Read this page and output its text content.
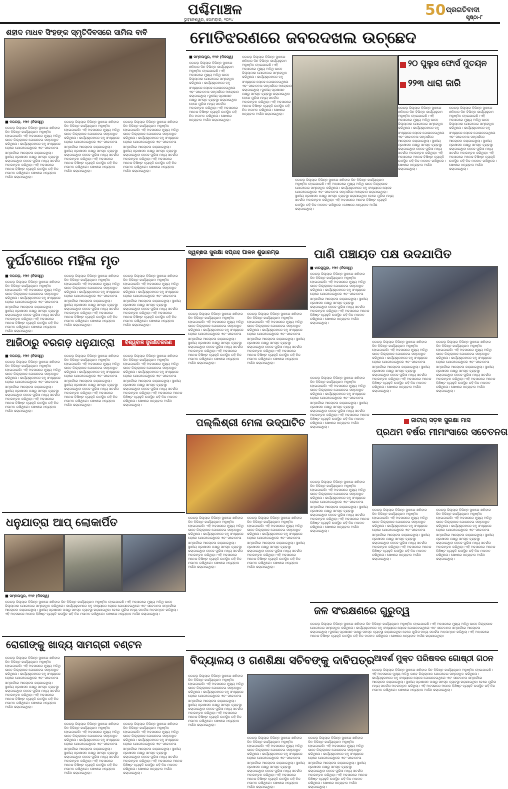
ପଶ୍ଚିମାଞ୍ଚଳ
ଭୁବନେଶ୍ୱର, ସୋମବାର, ୨୦୨୪
50 ପ୍ରଗତିବାଦୀ
ପୃଷ୍ଠା-୮
ଶହୀଦ ମାଧବ ସିଂହଙ୍କ ସ୍ମୃତିଦିବସରେ ସାମିଲ ବାବି
■ ବରଗଡ଼, ୧୨ା୧ (ନିଜସ୍ୱ)
ବରଗଡ଼ ଜିଲ୍ଲାର ବିଭିନ୍ନ ସ୍ଥାନରେ ଶନିବାର ଦିନ ବିଭିନ୍ନ କାର୍ଯ୍ୟକ୍ରମ ଅନୁଷ୍ଠିତ ହୋଇଯାଇଛି। ଏହି ଅବସରରେ ମୁଖ୍ୟ ଅତିଥି ଭାବେ ଜିଲ୍ଲାପାଳ ଯୋଗଦେଇ ସମ୍ବୋଧିତ କରିଥିଲେ। କାର୍ଯ୍ୟକ୍ରମରେ ବହୁ ସଂଖ୍ୟାରେ ଲୋକେ ଯୋଗଦେଇଥିଲେ ଏବଂ ସଚେତନତା ସମ୍ପର୍କରେ ଆଲୋଚନା କରାଯାଇଥିଲା। ସ୍ଥାନୀୟ ପ୍ରଶାସନ ପକ୍ଷରୁ ସମସ୍ତ ବ୍ୟବସ୍ଥା କରାଯାଇଥିବା ବେଳେ ପୁଲିସ ମଧ୍ୟ ସତର୍କତା ଅବଲମ୍ବନ କରିଥିଲା। ଏହି ଅବସରରେ ଅନେକ ବିଶିଷ୍ଟ ବ୍ୟକ୍ତି ଉପସ୍ଥିତ ରହି ନିଜ ମତାମତ ରଖିଥିଲେ। ଶେଷରେ ଧନ୍ୟବାଦ ଅର୍ପଣ କରାଯାଇଥିଲା।
ବରଗଡ଼ ଜିଲ୍ଲାର ବିଭିନ୍ନ ସ୍ଥାନରେ ଶନିବାର ଦିନ ବିଭିନ୍ନ କାର୍ଯ୍ୟକ୍ରମ ଅନୁଷ୍ଠିତ ହୋଇଯାଇଛି। ଏହି ଅବସରରେ ମୁଖ୍ୟ ଅତିଥି ଭାବେ ଜିଲ୍ଲାପାଳ ଯୋଗଦେଇ ସମ୍ବୋଧିତ କରିଥିଲେ। କାର୍ଯ୍ୟକ୍ରମରେ ବହୁ ସଂଖ୍ୟାରେ ଲୋକେ ଯୋଗଦେଇଥିଲେ ଏବଂ ସଚେତନତା ସମ୍ପର୍କରେ ଆଲୋଚନା କରାଯାଇଥିଲା। ସ୍ଥାନୀୟ ପ୍ରଶାସନ ପକ୍ଷରୁ ସମସ୍ତ ବ୍ୟବସ୍ଥା କରାଯାଇଥିବା ବେଳେ ପୁଲିସ ମଧ୍ୟ ସତର୍କତା ଅବଲମ୍ବନ କରିଥିଲା। ଏହି ଅବସରରେ ଅନେକ ବିଶିଷ୍ଟ ବ୍ୟକ୍ତି ଉପସ୍ଥିତ ରହି ନିଜ ମତାମତ ରଖିଥିଲେ। ଶେଷରେ ଧନ୍ୟବାଦ ଅର୍ପଣ କରାଯାଇଥିଲା।
ବରଗଡ଼ ଜିଲ୍ଲାର ବିଭିନ୍ନ ସ୍ଥାନରେ ଶନିବାର ଦିନ ବିଭିନ୍ନ କାର୍ଯ୍ୟକ୍ରମ ଅନୁଷ୍ଠିତ ହୋଇଯାଇଛି। ଏହି ଅବସରରେ ମୁଖ୍ୟ ଅତିଥି ଭାବେ ଜିଲ୍ଲାପାଳ ଯୋଗଦେଇ ସମ୍ବୋଧିତ କରିଥିଲେ। କାର୍ଯ୍ୟକ୍ରମରେ ବହୁ ସଂଖ୍ୟାରେ ଲୋକେ ଯୋଗଦେଇଥିଲେ ଏବଂ ସଚେତନତା ସମ୍ପର୍କରେ ଆଲୋଚନା କରାଯାଇଥିଲା। ସ୍ଥାନୀୟ ପ୍ରଶାସନ ପକ୍ଷରୁ ସମସ୍ତ ବ୍ୟବସ୍ଥା କରାଯାଇଥିବା ବେଳେ ପୁଲିସ ମଧ୍ୟ ସତର୍କତା ଅବଲମ୍ବନ କରିଥିଲା। ଏହି ଅବସରରେ ଅନେକ ବିଶିଷ୍ଟ ବ୍ୟକ୍ତି ଉପସ୍ଥିତ ରହି ନିଜ ମତାମତ ରଖିଥିଲେ। ଶେଷରେ ଧନ୍ୟବାଦ ଅର୍ପଣ କରାଯାଇଥିଲା।
ମୋତିଝରଣରେ ଜବରଦଖଲ ଉଚ୍ଛେଦ
■ ସମ୍ବଲପୁର, ୧୨ା୧ (ନିଜସ୍ୱ)
ବରଗଡ଼ ଜିଲ୍ଲାର ବିଭିନ୍ନ ସ୍ଥାନରେ ଶନିବାର ଦିନ ବିଭିନ୍ନ କାର୍ଯ୍ୟକ୍ରମ ଅନୁଷ୍ଠିତ ହୋଇଯାଇଛି। ଏହି ଅବସରରେ ମୁଖ୍ୟ ଅତିଥି ଭାବେ ଜିଲ୍ଲାପାଳ ଯୋଗଦେଇ ସମ୍ବୋଧିତ କରିଥିଲେ। କାର୍ଯ୍ୟକ୍ରମରେ ବହୁ ସଂଖ୍ୟାରେ ଲୋକେ ଯୋଗଦେଇଥିଲେ ଏବଂ ସଚେତନତା ସମ୍ପର୍କରେ ଆଲୋଚନା କରାଯାଇଥିଲା। ସ୍ଥାନୀୟ ପ୍ରଶାସନ ପକ୍ଷରୁ ସମସ୍ତ ବ୍ୟବସ୍ଥା କରାଯାଇଥିବା ବେଳେ ପୁଲିସ ମଧ୍ୟ ସତର୍କତା ଅବଲମ୍ବନ କରିଥିଲା। ଏହି ଅବସରରେ ଅନେକ ବିଶିଷ୍ଟ ବ୍ୟକ୍ତି ଉପସ୍ଥିତ ରହି ନିଜ ମତାମତ ରଖିଥିଲେ। ଶେଷରେ ଧନ୍ୟବାଦ ଅର୍ପଣ କରାଯାଇଥିଲା।
ବରଗଡ଼ ଜିଲ୍ଲାର ବିଭିନ୍ନ ସ୍ଥାନରେ ଶନିବାର ଦିନ ବିଭିନ୍ନ କାର୍ଯ୍ୟକ୍ରମ ଅନୁଷ୍ଠିତ ହୋଇଯାଇଛି। ଏହି ଅବସରରେ ମୁଖ୍ୟ ଅତିଥି ଭାବେ ଜିଲ୍ଲାପାଳ ଯୋଗଦେଇ ସମ୍ବୋଧିତ କରିଥିଲେ। କାର୍ଯ୍ୟକ୍ରମରେ ବହୁ ସଂଖ୍ୟାରେ ଲୋକେ ଯୋଗଦେଇଥିଲେ ଏବଂ ସଚେତନତା ସମ୍ପର୍କରେ ଆଲୋଚନା କରାଯାଇଥିଲା। ସ୍ଥାନୀୟ ପ୍ରଶାସନ ପକ୍ଷରୁ ସମସ୍ତ ବ୍ୟବସ୍ଥା କରାଯାଇଥିବା ବେଳେ ପୁଲିସ ମଧ୍ୟ ସତର୍କତା ଅବଲମ୍ବନ କରିଥିଲା। ଏହି ଅବସରରେ ଅନେକ ବିଶିଷ୍ଟ ବ୍ୟକ୍ତି ଉପସ୍ଥିତ ରହି ନିଜ ମତାମତ ରଖିଥିଲେ। ଶେଷରେ ଧନ୍ୟବାଦ ଅର୍ପଣ କରାଯାଇଥିଲା।
୨୦ ପୁଲୁସ ଫୋର୍ସ ମୁତୟନ
୨୨୩ ଧାରା ଜାରି
ବରଗଡ଼ ଜିଲ୍ଲାର ବିଭିନ୍ନ ସ୍ଥାନରେ ଶନିବାର ଦିନ ବିଭିନ୍ନ କାର୍ଯ୍ୟକ୍ରମ ଅନୁଷ୍ଠିତ ହୋଇଯାଇଛି। ଏହି ଅବସରରେ ମୁଖ୍ୟ ଅତିଥି ଭାବେ ଜିଲ୍ଲାପାଳ ଯୋଗଦେଇ ସମ୍ବୋଧିତ କରିଥିଲେ। କାର୍ଯ୍ୟକ୍ରମରେ ବହୁ ସଂଖ୍ୟାରେ ଲୋକେ ଯୋଗଦେଇଥିଲେ ଏବଂ ସଚେତନତା ସମ୍ପର୍କରେ ଆଲୋଚନା କରାଯାଇଥିଲା। ସ୍ଥାନୀୟ ପ୍ରଶାସନ ପକ୍ଷରୁ ସମସ୍ତ ବ୍ୟବସ୍ଥା କରାଯାଇଥିବା ବେଳେ ପୁଲିସ ମଧ୍ୟ ସତର୍କତା ଅବଲମ୍ବନ କରିଥିଲା। ଏହି ଅବସରରେ ଅନେକ ବିଶିଷ୍ଟ ବ୍ୟକ୍ତି ଉପସ୍ଥିତ ରହି ନିଜ ମତାମତ ରଖିଥିଲେ। ଶେଷରେ ଧନ୍ୟବାଦ ଅର୍ପଣ କରାଯାଇଥିଲା।
ବରଗଡ଼ ଜିଲ୍ଲାର ବିଭିନ୍ନ ସ୍ଥାନରେ ଶନିବାର ଦିନ ବିଭିନ୍ନ କାର୍ଯ୍ୟକ୍ରମ ଅନୁଷ୍ଠିତ ହୋଇଯାଇଛି। ଏହି ଅବସରରେ ମୁଖ୍ୟ ଅତିଥି ଭାବେ ଜିଲ୍ଲାପାଳ ଯୋଗଦେଇ ସମ୍ବୋଧିତ କରିଥିଲେ। କାର୍ଯ୍ୟକ୍ରମରେ ବହୁ ସଂଖ୍ୟାରେ ଲୋକେ ଯୋଗଦେଇଥିଲେ ଏବଂ ସଚେତନତା ସମ୍ପର୍କରେ ଆଲୋଚନା କରାଯାଇଥିଲା। ସ୍ଥାନୀୟ ପ୍ରଶାସନ ପକ୍ଷରୁ ସମସ୍ତ ବ୍ୟବସ୍ଥା କରାଯାଇଥିବା ବେଳେ ପୁଲିସ ମଧ୍ୟ ସତର୍କତା ଅବଲମ୍ବନ କରିଥିଲା। ଏହି ଅବସରରେ ଅନେକ ବିଶିଷ୍ଟ ବ୍ୟକ୍ତି ଉପସ୍ଥିତ ରହି ନିଜ ମତାମତ ରଖିଥିଲେ। ଶେଷରେ ଧନ୍ୟବାଦ ଅର୍ପଣ କରାଯାଇଥିଲା।
ବରଗଡ଼ ଜିଲ୍ଲାର ବିଭିନ୍ନ ସ୍ଥାନରେ ଶନିବାର ଦିନ ବିଭିନ୍ନ କାର୍ଯ୍ୟକ୍ରମ ଅନୁଷ୍ଠିତ ହୋଇଯାଇଛି। ଏହି ଅବସରରେ ମୁଖ୍ୟ ଅତିଥି ଭାବେ ଜିଲ୍ଲାପାଳ ଯୋଗଦେଇ ସମ୍ବୋଧିତ କରିଥିଲେ। କାର୍ଯ୍ୟକ୍ରମରେ ବହୁ ସଂଖ୍ୟାରେ ଲୋକେ ଯୋଗଦେଇଥିଲେ ଏବଂ ସଚେତନତା ସମ୍ପର୍କରେ ଆଲୋଚନା କରାଯାଇଥିଲା। ସ୍ଥାନୀୟ ପ୍ରଶାସନ ପକ୍ଷରୁ ସମସ୍ତ ବ୍ୟବସ୍ଥା କରାଯାଇଥିବା ବେଳେ ପୁଲିସ ମଧ୍ୟ ସତର୍କତା ଅବଲମ୍ବନ କରିଥିଲା। ଏହି ଅବସରରେ ଅନେକ ବିଶିଷ୍ଟ ବ୍ୟକ୍ତି ଉପସ୍ଥିତ ରହି ନିଜ ମତାମତ ରଖିଥିଲେ। ଶେଷରେ ଧନ୍ୟବାଦ ଅର୍ପଣ କରାଯାଇଥିଲା।
ଦୁର୍ଘଟଣାରେ ମହିଳା ମୃତ
■ ବରଗଡ଼, ୧୨ା୧ (ନିଜସ୍ୱ)
ବରଗଡ଼ ଜିଲ୍ଲାର ବିଭିନ୍ନ ସ୍ଥାନରେ ଶନିବାର ଦିନ ବିଭିନ୍ନ କାର୍ଯ୍ୟକ୍ରମ ଅନୁଷ୍ଠିତ ହୋଇଯାଇଛି। ଏହି ଅବସରରେ ମୁଖ୍ୟ ଅତିଥି ଭାବେ ଜିଲ୍ଲାପାଳ ଯୋଗଦେଇ ସମ୍ବୋଧିତ କରିଥିଲେ। କାର୍ଯ୍ୟକ୍ରମରେ ବହୁ ସଂଖ୍ୟାରେ ଲୋକେ ଯୋଗଦେଇଥିଲେ ଏବଂ ସଚେତନତା ସମ୍ପର୍କରେ ଆଲୋଚନା କରାଯାଇଥିଲା। ସ୍ଥାନୀୟ ପ୍ରଶାସନ ପକ୍ଷରୁ ସମସ୍ତ ବ୍ୟବସ୍ଥା କରାଯାଇଥିବା ବେଳେ ପୁଲିସ ମଧ୍ୟ ସତର୍କତା ଅବଲମ୍ବନ କରିଥିଲା। ଏହି ଅବସରରେ ଅନେକ ବିଶିଷ୍ଟ ବ୍ୟକ୍ତି ଉପସ୍ଥିତ ରହି ନିଜ ମତାମତ ରଖିଥିଲେ। ଶେଷରେ ଧନ୍ୟବାଦ ଅର୍ପଣ କରାଯାଇଥିଲା।
ବରଗଡ଼ ଜିଲ୍ଲାର ବିଭିନ୍ନ ସ୍ଥାନରେ ଶନିବାର ଦିନ ବିଭିନ୍ନ କାର୍ଯ୍ୟକ୍ରମ ଅନୁଷ୍ଠିତ ହୋଇଯାଇଛି। ଏହି ଅବସରରେ ମୁଖ୍ୟ ଅତିଥି ଭାବେ ଜିଲ୍ଲାପାଳ ଯୋଗଦେଇ ସମ୍ବୋଧିତ କରିଥିଲେ। କାର୍ଯ୍ୟକ୍ରମରେ ବହୁ ସଂଖ୍ୟାରେ ଲୋକେ ଯୋଗଦେଇଥିଲେ ଏବଂ ସଚେତନତା ସମ୍ପର୍କରେ ଆଲୋଚନା କରାଯାଇଥିଲା। ସ୍ଥାନୀୟ ପ୍ରଶାସନ ପକ୍ଷରୁ ସମସ୍ତ ବ୍ୟବସ୍ଥା କରାଯାଇଥିବା ବେଳେ ପୁଲିସ ମଧ୍ୟ ସତର୍କତା ଅବଲମ୍ବନ କରିଥିଲା। ଏହି ଅବସରରେ ଅନେକ ବିଶିଷ୍ଟ ବ୍ୟକ୍ତି ଉପସ୍ଥିତ ରହି ନିଜ ମତାମତ ରଖିଥିଲେ। ଶେଷରେ ଧନ୍ୟବାଦ ଅର୍ପଣ କରାଯାଇଥିଲା।
ବରଗଡ଼ ଜିଲ୍ଲାର ବିଭିନ୍ନ ସ୍ଥାନରେ ଶନିବାର ଦିନ ବିଭିନ୍ନ କାର୍ଯ୍ୟକ୍ରମ ଅନୁଷ୍ଠିତ ହୋଇଯାଇଛି। ଏହି ଅବସରରେ ମୁଖ୍ୟ ଅତିଥି ଭାବେ ଜିଲ୍ଲାପାଳ ଯୋଗଦେଇ ସମ୍ବୋଧିତ କରିଥିଲେ। କାର୍ଯ୍ୟକ୍ରମରେ ବହୁ ସଂଖ୍ୟାରେ ଲୋକେ ଯୋଗଦେଇଥିଲେ ଏବଂ ସଚେତନତା ସମ୍ପର୍କରେ ଆଲୋଚନା କରାଯାଇଥିଲା। ସ୍ଥାନୀୟ ପ୍ରଶାସନ ପକ୍ଷରୁ ସମସ୍ତ ବ୍ୟବସ୍ଥା କରାଯାଇଥିବା ବେଳେ ପୁଲିସ ମଧ୍ୟ ସତର୍କତା ଅବଲମ୍ବନ କରିଥିଲା। ଏହି ଅବସରରେ ଅନେକ ବିଶିଷ୍ଟ ବ୍ୟକ୍ତି ଉପସ୍ଥିତ ରହି ନିଜ ମତାମତ ରଖିଥିଲେ। ଶେଷରେ ଧନ୍ୟବାଦ ଅର୍ପଣ କରାଯାଇଥିଲା।
ସ୍ୱଚ୍ଛତା ସୁରକ୍ଷା ସପ୍ତାହ ପାଳନ ଶୁଭାରମ୍ଭ
ବରଗଡ଼ ଜିଲ୍ଲାର ବିଭିନ୍ନ ସ୍ଥାନରେ ଶନିବାର ଦିନ ବିଭିନ୍ନ କାର୍ଯ୍ୟକ୍ରମ ଅନୁଷ୍ଠିତ ହୋଇଯାଇଛି। ଏହି ଅବସରରେ ମୁଖ୍ୟ ଅତିଥି ଭାବେ ଜିଲ୍ଲାପାଳ ଯୋଗଦେଇ ସମ୍ବୋଧିତ କରିଥିଲେ। କାର୍ଯ୍ୟକ୍ରମରେ ବହୁ ସଂଖ୍ୟାରେ ଲୋକେ ଯୋଗଦେଇଥିଲେ ଏବଂ ସଚେତନତା ସମ୍ପର୍କରେ ଆଲୋଚନା କରାଯାଇଥିଲା। ସ୍ଥାନୀୟ ପ୍ରଶାସନ ପକ୍ଷରୁ ସମସ୍ତ ବ୍ୟବସ୍ଥା କରାଯାଇଥିବା ବେଳେ ପୁଲିସ ମଧ୍ୟ ସତର୍କତା ଅବଲମ୍ବନ କରିଥିଲା। ଏହି ଅବସରରେ ଅନେକ ବିଶିଷ୍ଟ ବ୍ୟକ୍ତି ଉପସ୍ଥିତ ରହି ନିଜ ମତାମତ ରଖିଥିଲେ। ଶେଷରେ ଧନ୍ୟବାଦ ଅର୍ପଣ କରାଯାଇଥିଲା।
ବରଗଡ଼ ଜିଲ୍ଲାର ବିଭିନ୍ନ ସ୍ଥାନରେ ଶନିବାର ଦିନ ବିଭିନ୍ନ କାର୍ଯ୍ୟକ୍ରମ ଅନୁଷ୍ଠିତ ହୋଇଯାଇଛି। ଏହି ଅବସରରେ ମୁଖ୍ୟ ଅତିଥି ଭାବେ ଜିଲ୍ଲାପାଳ ଯୋଗଦେଇ ସମ୍ବୋଧିତ କରିଥିଲେ। କାର୍ଯ୍ୟକ୍ରମରେ ବହୁ ସଂଖ୍ୟାରେ ଲୋକେ ଯୋଗଦେଇଥିଲେ ଏବଂ ସଚେତନତା ସମ୍ପର୍କରେ ଆଲୋଚନା କରାଯାଇଥିଲା। ସ୍ଥାନୀୟ ପ୍ରଶାସନ ପକ୍ଷରୁ ସମସ୍ତ ବ୍ୟବସ୍ଥା କରାଯାଇଥିବା ବେଳେ ପୁଲିସ ମଧ୍ୟ ସତର୍କତା ଅବଲମ୍ବନ କରିଥିଲା। ଏହି ଅବସରରେ ଅନେକ ବିଶିଷ୍ଟ ବ୍ୟକ୍ତି ଉପସ୍ଥିତ ରହି ନିଜ ମତାମତ ରଖିଥିଲେ। ଶେଷରେ ଧନ୍ୟବାଦ ଅର୍ପଣ କରାଯାଇଥିଲା।
ପାଣି ପଞ୍ଚାୟତ ପକ୍ଷ ଉଦଯାପିତ
■ ଝାରସୁଗୁଡ଼ା, ୧୨ା୧ (ନିଜସ୍ୱ)
ବରଗଡ଼ ଜିଲ୍ଲାର ବିଭିନ୍ନ ସ୍ଥାନରେ ଶନିବାର ଦିନ ବିଭିନ୍ନ କାର୍ଯ୍ୟକ୍ରମ ଅନୁଷ୍ଠିତ ହୋଇଯାଇଛି। ଏହି ଅବସରରେ ମୁଖ୍ୟ ଅତିଥି ଭାବେ ଜିଲ୍ଲାପାଳ ଯୋଗଦେଇ ସମ୍ବୋଧିତ କରିଥିଲେ। କାର୍ଯ୍ୟକ୍ରମରେ ବହୁ ସଂଖ୍ୟାରେ ଲୋକେ ଯୋଗଦେଇଥିଲେ ଏବଂ ସଚେତନତା ସମ୍ପର୍କରେ ଆଲୋଚନା କରାଯାଇଥିଲା। ସ୍ଥାନୀୟ ପ୍ରଶାସନ ପକ୍ଷରୁ ସମସ୍ତ ବ୍ୟବସ୍ଥା କରାଯାଇଥିବା ବେଳେ ପୁଲିସ ମଧ୍ୟ ସତର୍କତା ଅବଲମ୍ବନ କରିଥିଲା। ଏହି ଅବସରରେ ଅନେକ ବିଶିଷ୍ଟ ବ୍ୟକ୍ତି ଉପସ୍ଥିତ ରହି ନିଜ ମତାମତ ରଖିଥିଲେ। ଶେଷରେ ଧନ୍ୟବାଦ ଅର୍ପଣ କରାଯାଇଥିଲା।
ବରଗଡ଼ ଜିଲ୍ଲାର ବିଭିନ୍ନ ସ୍ଥାନରେ ଶନିବାର ଦିନ ବିଭିନ୍ନ କାର୍ଯ୍ୟକ୍ରମ ଅନୁଷ୍ଠିତ ହୋଇଯାଇଛି। ଏହି ଅବସରରେ ମୁଖ୍ୟ ଅତିଥି ଭାବେ ଜିଲ୍ଲାପାଳ ଯୋଗଦେଇ ସମ୍ବୋଧିତ କରିଥିଲେ। କାର୍ଯ୍ୟକ୍ରମରେ ବହୁ ସଂଖ୍ୟାରେ ଲୋକେ ଯୋଗଦେଇଥିଲେ ଏବଂ ସଚେତନତା ସମ୍ପର୍କରେ ଆଲୋଚନା କରାଯାଇଥିଲା। ସ୍ଥାନୀୟ ପ୍ରଶାସନ ପକ୍ଷରୁ ସମସ୍ତ ବ୍ୟବସ୍ଥା କରାଯାଇଥିବା ବେଳେ ପୁଲିସ ମଧ୍ୟ ସତର୍କତା ଅବଲମ୍ବନ କରିଥିଲା। ଏହି ଅବସରରେ ଅନେକ ବିଶିଷ୍ଟ ବ୍ୟକ୍ତି ଉପସ୍ଥିତ ରହି ନିଜ ମତାମତ ରଖିଥିଲେ। ଶେଷରେ ଧନ୍ୟବାଦ ଅର୍ପଣ କରାଯାଇଥିଲା।
ବରଗଡ଼ ଜିଲ୍ଲାର ବିଭିନ୍ନ ସ୍ଥାନରେ ଶନିବାର ଦିନ ବିଭିନ୍ନ କାର୍ଯ୍ୟକ୍ରମ ଅନୁଷ୍ଠିତ ହୋଇଯାଇଛି। ଏହି ଅବସରରେ ମୁଖ୍ୟ ଅତିଥି ଭାବେ ଜିଲ୍ଲାପାଳ ଯୋଗଦେଇ ସମ୍ବୋଧିତ କରିଥିଲେ। କାର୍ଯ୍ୟକ୍ରମରେ ବହୁ ସଂଖ୍ୟାରେ ଲୋକେ ଯୋଗଦେଇଥିଲେ ଏବଂ ସଚେତନତା ସମ୍ପର୍କରେ ଆଲୋଚନା କରାଯାଇଥିଲା। ସ୍ଥାନୀୟ ପ୍ରଶାସନ ପକ୍ଷରୁ ସମସ୍ତ ବ୍ୟବସ୍ଥା କରାଯାଇଥିବା ବେଳେ ପୁଲିସ ମଧ୍ୟ ସତର୍କତା ଅବଲମ୍ବନ କରିଥିଲା। ଏହି ଅବସରରେ ଅନେକ ବିଶିଷ୍ଟ ବ୍ୟକ୍ତି ଉପସ୍ଥିତ ରହି ନିଜ ମତାମତ ରଖିଥିଲେ। ଶେଷରେ ଧନ୍ୟବାଦ ଅର୍ପଣ କରାଯାଇଥିଲା।
ଆଜିଠାରୁ ବରଗଡ଼ ଧନୁଯାତ୍ରା	ବିଶ୍ୱବାଳ ସୁରକ୍ଷିତକରଣ
■ ବରଗଡ଼, ୧୨ା୧ (ନିଜସ୍ୱ)
ବରଗଡ଼ ଜିଲ୍ଲାର ବିଭିନ୍ନ ସ୍ଥାନରେ ଶନିବାର ଦିନ ବିଭିନ୍ନ କାର୍ଯ୍ୟକ୍ରମ ଅନୁଷ୍ଠିତ ହୋଇଯାଇଛି। ଏହି ଅବସରରେ ମୁଖ୍ୟ ଅତିଥି ଭାବେ ଜିଲ୍ଲାପାଳ ଯୋଗଦେଇ ସମ୍ବୋଧିତ କରିଥିଲେ। କାର୍ଯ୍ୟକ୍ରମରେ ବହୁ ସଂଖ୍ୟାରେ ଲୋକେ ଯୋଗଦେଇଥିଲେ ଏବଂ ସଚେତନତା ସମ୍ପର୍କରେ ଆଲୋଚନା କରାଯାଇଥିଲା। ସ୍ଥାନୀୟ ପ୍ରଶାସନ ପକ୍ଷରୁ ସମସ୍ତ ବ୍ୟବସ୍ଥା କରାଯାଇଥିବା ବେଳେ ପୁଲିସ ମଧ୍ୟ ସତର୍କତା ଅବଲମ୍ବନ କରିଥିଲା। ଏହି ଅବସରରେ ଅନେକ ବିଶିଷ୍ଟ ବ୍ୟକ୍ତି ଉପସ୍ଥିତ ରହି ନିଜ ମତାମତ ରଖିଥିଲେ। ଶେଷରେ ଧନ୍ୟବାଦ ଅର୍ପଣ କରାଯାଇଥିଲା।
ବରଗଡ଼ ଜିଲ୍ଲାର ବିଭିନ୍ନ ସ୍ଥାନରେ ଶନିବାର ଦିନ ବିଭିନ୍ନ କାର୍ଯ୍ୟକ୍ରମ ଅନୁଷ୍ଠିତ ହୋଇଯାଇଛି। ଏହି ଅବସରରେ ମୁଖ୍ୟ ଅତିଥି ଭାବେ ଜିଲ୍ଲାପାଳ ଯୋଗଦେଇ ସମ୍ବୋଧିତ କରିଥିଲେ। କାର୍ଯ୍ୟକ୍ରମରେ ବହୁ ସଂଖ୍ୟାରେ ଲୋକେ ଯୋଗଦେଇଥିଲେ ଏବଂ ସଚେତନତା ସମ୍ପର୍କରେ ଆଲୋଚନା କରାଯାଇଥିଲା। ସ୍ଥାନୀୟ ପ୍ରଶାସନ ପକ୍ଷରୁ ସମସ୍ତ ବ୍ୟବସ୍ଥା କରାଯାଇଥିବା ବେଳେ ପୁଲିସ ମଧ୍ୟ ସତର୍କତା ଅବଲମ୍ବନ କରିଥିଲା। ଏହି ଅବସରରେ ଅନେକ ବିଶିଷ୍ଟ ବ୍ୟକ୍ତି ଉପସ୍ଥିତ ରହି ନିଜ ମତାମତ ରଖିଥିଲେ। ଶେଷରେ ଧନ୍ୟବାଦ ଅର୍ପଣ କରାଯାଇଥିଲା।
ବରଗଡ଼ ଜିଲ୍ଲାର ବିଭିନ୍ନ ସ୍ଥାନରେ ଶନିବାର ଦିନ ବିଭିନ୍ନ କାର୍ଯ୍ୟକ୍ରମ ଅନୁଷ୍ଠିତ ହୋଇଯାଇଛି। ଏହି ଅବସରରେ ମୁଖ୍ୟ ଅତିଥି ଭାବେ ଜିଲ୍ଲାପାଳ ଯୋଗଦେଇ ସମ୍ବୋଧିତ କରିଥିଲେ। କାର୍ଯ୍ୟକ୍ରମରେ ବହୁ ସଂଖ୍ୟାରେ ଲୋକେ ଯୋଗଦେଇଥିଲେ ଏବଂ ସଚେତନତା ସମ୍ପର୍କରେ ଆଲୋଚନା କରାଯାଇଥିଲା। ସ୍ଥାନୀୟ ପ୍ରଶାସନ ପକ୍ଷରୁ ସମସ୍ତ ବ୍ୟବସ୍ଥା କରାଯାଇଥିବା ବେଳେ ପୁଲିସ ମଧ୍ୟ ସତର୍କତା ଅବଲମ୍ବନ କରିଥିଲା। ଏହି ଅବସରରେ ଅନେକ ବିଶିଷ୍ଟ ବ୍ୟକ୍ତି ଉପସ୍ଥିତ ରହି ନିଜ ମତାମତ ରଖିଥିଲେ। ଶେଷରେ ଧନ୍ୟବାଦ ଅର୍ପଣ କରାଯାଇଥିଲା।
ପଲ୍ଲିଶ୍ରୀ ମେଳା ଉଦ୍‌ଘାଟିତ
ବରଗଡ଼ ଜିଲ୍ଲାର ବିଭିନ୍ନ ସ୍ଥାନରେ ଶନିବାର ଦିନ ବିଭିନ୍ନ କାର୍ଯ୍ୟକ୍ରମ ଅନୁଷ୍ଠିତ ହୋଇଯାଇଛି। ଏହି ଅବସରରେ ମୁଖ୍ୟ ଅତିଥି ଭାବେ ଜିଲ୍ଲାପାଳ ଯୋଗଦେଇ ସମ୍ବୋଧିତ କରିଥିଲେ। କାର୍ଯ୍ୟକ୍ରମରେ ବହୁ ସଂଖ୍ୟାରେ ଲୋକେ ଯୋଗଦେଇଥିଲେ ଏବଂ ସଚେତନତା ସମ୍ପର୍କରେ ଆଲୋଚନା କରାଯାଇଥିଲା। ସ୍ଥାନୀୟ ପ୍ରଶାସନ ପକ୍ଷରୁ ସମସ୍ତ ବ୍ୟବସ୍ଥା କରାଯାଇଥିବା ବେଳେ ପୁଲିସ ମଧ୍ୟ ସତର୍କତା ଅବଲମ୍ବନ କରିଥିଲା। ଏହି ଅବସରରେ ଅନେକ ବିଶିଷ୍ଟ ବ୍ୟକ୍ତି ଉପସ୍ଥିତ ରହି ନିଜ ମତାମତ ରଖିଥିଲେ। ଶେଷରେ ଧନ୍ୟବାଦ ଅର୍ପଣ କରାଯାଇଥିଲା।
ବରଗଡ଼ ଜିଲ୍ଲାର ବିଭିନ୍ନ ସ୍ଥାନରେ ଶନିବାର ଦିନ ବିଭିନ୍ନ କାର୍ଯ୍ୟକ୍ରମ ଅନୁଷ୍ଠିତ ହୋଇଯାଇଛି। ଏହି ଅବସରରେ ମୁଖ୍ୟ ଅତିଥି ଭାବେ ଜିଲ୍ଲାପାଳ ଯୋଗଦେଇ ସମ୍ବୋଧିତ କରିଥିଲେ। କାର୍ଯ୍ୟକ୍ରମରେ ବହୁ ସଂଖ୍ୟାରେ ଲୋକେ ଯୋଗଦେଇଥିଲେ ଏବଂ ସଚେତନତା ସମ୍ପର୍କରେ ଆଲୋଚନା କରାଯାଇଥିଲା। ସ୍ଥାନୀୟ ପ୍ରଶାସନ ପକ୍ଷରୁ ସମସ୍ତ ବ୍ୟବସ୍ଥା କରାଯାଇଥିବା ବେଳେ ପୁଲିସ ମଧ୍ୟ ସତର୍କତା ଅବଲମ୍ବନ କରିଥିଲା। ଏହି ଅବସରରେ ଅନେକ ବିଶିଷ୍ଟ ବ୍ୟକ୍ତି ଉପସ୍ଥିତ ରହି ନିଜ ମତାମତ ରଖିଥିଲେ। ଶେଷରେ ଧନ୍ୟବାଦ ଅର୍ପଣ କରାଯାଇଥିଲା।
ବରଗଡ଼ ଜିଲ୍ଲାର ବିଭିନ୍ନ ସ୍ଥାନରେ ଶନିବାର ଦିନ ବିଭିନ୍ନ କାର୍ଯ୍ୟକ୍ରମ ଅନୁଷ୍ଠିତ ହୋଇଯାଇଛି। ଏହି ଅବସରରେ ମୁଖ୍ୟ ଅତିଥି ଭାବେ ଜିଲ୍ଲାପାଳ ଯୋଗଦେଇ ସମ୍ବୋଧିତ କରିଥିଲେ। କାର୍ଯ୍ୟକ୍ରମରେ ବହୁ ସଂଖ୍ୟାରେ ଲୋକେ ଯୋଗଦେଇଥିଲେ ଏବଂ ସଚେତନତା ସମ୍ପର୍କରେ ଆଲୋଚନା କରାଯାଇଥିଲା। ସ୍ଥାନୀୟ ପ୍ରଶାସନ ପକ୍ଷରୁ ସମସ୍ତ ବ୍ୟବସ୍ଥା କରାଯାଇଥିବା ବେଳେ ପୁଲିସ ମଧ୍ୟ ସତର୍କତା ଅବଲମ୍ବନ କରିଥିଲା। ଏହି ଅବସରରେ ଅନେକ ବିଶିଷ୍ଟ ବ୍ୟକ୍ତି ଉପସ୍ଥିତ ରହି ନିଜ ମତାମତ ରଖିଥିଲେ। ଶେଷରେ ଧନ୍ୟବାଦ ଅର୍ପଣ କରାଯାଇଥିଲା।
ଜାତୀୟ ସଡ଼କ ସୁରକ୍ଷା ମାସ
ପ୍ରଥମ ବର୍ଷର ମୀମାଂସାରେ ସଚେତନତା
ବରଗଡ଼ ଜିଲ୍ଲାର ବିଭିନ୍ନ ସ୍ଥାନରେ ଶନିବାର ଦିନ ବିଭିନ୍ନ କାର୍ଯ୍ୟକ୍ରମ ଅନୁଷ୍ଠିତ ହୋଇଯାଇଛି। ଏହି ଅବସରରେ ମୁଖ୍ୟ ଅତିଥି ଭାବେ ଜିଲ୍ଲାପାଳ ଯୋଗଦେଇ ସମ୍ବୋଧିତ କରିଥିଲେ। କାର୍ଯ୍ୟକ୍ରମରେ ବହୁ ସଂଖ୍ୟାରେ ଲୋକେ ଯୋଗଦେଇଥିଲେ ଏବଂ ସଚେତନତା ସମ୍ପର୍କରେ ଆଲୋଚନା କରାଯାଇଥିଲା। ସ୍ଥାନୀୟ ପ୍ରଶାସନ ପକ୍ଷରୁ ସମସ୍ତ ବ୍ୟବସ୍ଥା କରାଯାଇଥିବା ବେଳେ ପୁଲିସ ମଧ୍ୟ ସତର୍କତା ଅବଲମ୍ବନ କରିଥିଲା। ଏହି ଅବସରରେ ଅନେକ ବିଶିଷ୍ଟ ବ୍ୟକ୍ତି ଉପସ୍ଥିତ ରହି ନିଜ ମତାମତ ରଖିଥିଲେ। ଶେଷରେ ଧନ୍ୟବାଦ ଅର୍ପଣ କରାଯାଇଥିଲା।
ବରଗଡ଼ ଜିଲ୍ଲାର ବିଭିନ୍ନ ସ୍ଥାନରେ ଶନିବାର ଦିନ ବିଭିନ୍ନ କାର୍ଯ୍ୟକ୍ରମ ଅନୁଷ୍ଠିତ ହୋଇଯାଇଛି। ଏହି ଅବସରରେ ମୁଖ୍ୟ ଅତିଥି ଭାବେ ଜିଲ୍ଲାପାଳ ଯୋଗଦେଇ ସମ୍ବୋଧିତ କରିଥିଲେ। କାର୍ଯ୍ୟକ୍ରମରେ ବହୁ ସଂଖ୍ୟାରେ ଲୋକେ ଯୋଗଦେଇଥିଲେ ଏବଂ ସଚେତନତା ସମ୍ପର୍କରେ ଆଲୋଚନା କରାଯାଇଥିଲା। ସ୍ଥାନୀୟ ପ୍ରଶାସନ ପକ୍ଷରୁ ସମସ୍ତ ବ୍ୟବସ୍ଥା କରାଯାଇଥିବା ବେଳେ ପୁଲିସ ମଧ୍ୟ ସତର୍କତା ଅବଲମ୍ବନ କରିଥିଲା। ଏହି ଅବସରରେ ଅନେକ ବିଶିଷ୍ଟ ବ୍ୟକ୍ତି ଉପସ୍ଥିତ ରହି ନିଜ ମତାମତ ରଖିଥିଲେ। ଶେଷରେ ଧନ୍ୟବାଦ ଅର୍ପଣ କରାଯାଇଥିଲା।
ବରଗଡ଼ ଜିଲ୍ଲାର ବିଭିନ୍ନ ସ୍ଥାନରେ ଶନିବାର ଦିନ ବିଭିନ୍ନ କାର୍ଯ୍ୟକ୍ରମ ଅନୁଷ୍ଠିତ ହୋଇଯାଇଛି। ଏହି ଅବସରରେ ମୁଖ୍ୟ ଅତିଥି ଭାବେ ଜିଲ୍ଲାପାଳ ଯୋଗଦେଇ ସମ୍ବୋଧିତ କରିଥିଲେ। କାର୍ଯ୍ୟକ୍ରମରେ ବହୁ ସଂଖ୍ୟାରେ ଲୋକେ ଯୋଗଦେଇଥିଲେ ଏବଂ ସଚେତନତା ସମ୍ପର୍କରେ ଆଲୋଚନା କରାଯାଇଥିଲା। ସ୍ଥାନୀୟ ପ୍ରଶାସନ ପକ୍ଷରୁ ସମସ୍ତ ବ୍ୟବସ୍ଥା କରାଯାଇଥିବା ବେଳେ ପୁଲିସ ମଧ୍ୟ ସତର୍କତା ଅବଲମ୍ବନ କରିଥିଲା। ଏହି ଅବସରରେ ଅନେକ ବିଶିଷ୍ଟ ବ୍ୟକ୍ତି ଉପସ୍ଥିତ ରହି ନିଜ ମତାମତ ରଖିଥିଲେ। ଶେଷରେ ଧନ୍ୟବାଦ ଅର୍ପଣ କରାଯାଇଥିଲା।
ଧନୁଯାତ୍ରା ଆପ୍ ଲୋକାର୍ପିତ
■ ସମ୍ବଲପୁର, ୧୨ା୧ (ନିଜସ୍ୱ)
ବରଗଡ଼ ଜିଲ୍ଲାର ବିଭିନ୍ନ ସ୍ଥାନରେ ଶନିବାର ଦିନ ବିଭିନ୍ନ କାର୍ଯ୍ୟକ୍ରମ ଅନୁଷ୍ଠିତ ହୋଇଯାଇଛି। ଏହି ଅବସରରେ ମୁଖ୍ୟ ଅତିଥି ଭାବେ ଜିଲ୍ଲାପାଳ ଯୋଗଦେଇ ସମ୍ବୋଧିତ କରିଥିଲେ। କାର୍ଯ୍ୟକ୍ରମରେ ବହୁ ସଂଖ୍ୟାରେ ଲୋକେ ଯୋଗଦେଇଥିଲେ ଏବଂ ସଚେତନତା ସମ୍ପର୍କରେ ଆଲୋଚନା କରାଯାଇଥିଲା। ସ୍ଥାନୀୟ ପ୍ରଶାସନ ପକ୍ଷରୁ ସମସ୍ତ ବ୍ୟବସ୍ଥା କରାଯାଇଥିବା ବେଳେ ପୁଲିସ ମଧ୍ୟ ସତର୍କତା ଅବଲମ୍ବନ କରିଥିଲା। ଏହି ଅବସରରେ ଅନେକ ବିଶିଷ୍ଟ ବ୍ୟକ୍ତି ଉପସ୍ଥିତ ରହି ନିଜ ମତାମତ ରଖିଥିଲେ। ଶେଷରେ ଧନ୍ୟବାଦ ଅର୍ପଣ କରାଯାଇଥିଲା।	ଜଳ ସଂରକ୍ଷଣରେ ଗୁରୁତ୍ୱ
ବରଗଡ଼ ଜିଲ୍ଲାର ବିଭିନ୍ନ ସ୍ଥାନରେ ଶନିବାର ଦିନ ବିଭିନ୍ନ କାର୍ଯ୍ୟକ୍ରମ ଅନୁଷ୍ଠିତ ହୋଇଯାଇଛି। ଏହି ଅବସରରେ ମୁଖ୍ୟ ଅତିଥି ଭାବେ ଜିଲ୍ଲାପାଳ ଯୋଗଦେଇ ସମ୍ବୋଧିତ କରିଥିଲେ। କାର୍ଯ୍ୟକ୍ରମରେ ବହୁ ସଂଖ୍ୟାରେ ଲୋକେ ଯୋଗଦେଇଥିଲେ ଏବଂ ସଚେତନତା ସମ୍ପର୍କରେ ଆଲୋଚନା କରାଯାଇଥିଲା। ସ୍ଥାନୀୟ ପ୍ରଶାସନ ପକ୍ଷରୁ ସମସ୍ତ ବ୍ୟବସ୍ଥା କରାଯାଇଥିବା ବେଳେ ପୁଲିସ ମଧ୍ୟ ସତର୍କତା ଅବଲମ୍ବନ କରିଥିଲା। ଏହି ଅବସରରେ ଅନେକ ବିଶିଷ୍ଟ ବ୍ୟକ୍ତି ଉପସ୍ଥିତ ରହି ନିଜ ମତାମତ ରଖିଥିଲେ। ଶେଷରେ ଧନ୍ୟବାଦ ଅର୍ପଣ କରାଯାଇଥିଲା।
ବିଦ୍ୟାଳୟ ଓ ଗଣଶିକ୍ଷା ସଚିବଙ୍କୁ ଦାବିପତ୍ର
ବରଗଡ଼ ଜିଲ୍ଲାର ବିଭିନ୍ନ ସ୍ଥାନରେ ଶନିବାର ଦିନ ବିଭିନ୍ନ କାର୍ଯ୍ୟକ୍ରମ ଅନୁଷ୍ଠିତ ହୋଇଯାଇଛି। ଏହି ଅବସରରେ ମୁଖ୍ୟ ଅତିଥି ଭାବେ ଜିଲ୍ଲାପାଳ ଯୋଗଦେଇ ସମ୍ବୋଧିତ କରିଥିଲେ। କାର୍ଯ୍ୟକ୍ରମରେ ବହୁ ସଂଖ୍ୟାରେ ଲୋକେ ଯୋଗଦେଇଥିଲେ ଏବଂ ସଚେତନତା ସମ୍ପର୍କରେ ଆଲୋଚନା କରାଯାଇଥିଲା। ସ୍ଥାନୀୟ ପ୍ରଶାସନ ପକ୍ଷରୁ ସମସ୍ତ ବ୍ୟବସ୍ଥା କରାଯାଇଥିବା ବେଳେ ପୁଲିସ ମଧ୍ୟ ସତର୍କତା ଅବଲମ୍ବନ କରିଥିଲା। ଏହି ଅବସରରେ ଅନେକ ବିଶିଷ୍ଟ ବ୍ୟକ୍ତି ଉପସ୍ଥିତ ରହି ନିଜ ମତାମତ ରଖିଥିଲେ। ଶେଷରେ ଧନ୍ୟବାଦ ଅର୍ପଣ କରାଯାଇଥିଲା।
ବରଗଡ଼ ଜିଲ୍ଲାର ବିଭିନ୍ନ ସ୍ଥାନରେ ଶନିବାର ଦିନ ବିଭିନ୍ନ କାର୍ଯ୍ୟକ୍ରମ ଅନୁଷ୍ଠିତ ହୋଇଯାଇଛି। ଏହି ଅବସରରେ ମୁଖ୍ୟ ଅତିଥି ଭାବେ ଜିଲ୍ଲାପାଳ ଯୋଗଦେଇ ସମ୍ବୋଧିତ କରିଥିଲେ। କାର୍ଯ୍ୟକ୍ରମରେ ବହୁ ସଂଖ୍ୟାରେ ଲୋକେ ଯୋଗଦେଇଥିଲେ ଏବଂ ସଚେତନତା ସମ୍ପର୍କରେ ଆଲୋଚନା କରାଯାଇଥିଲା। ସ୍ଥାନୀୟ ପ୍ରଶାସନ ପକ୍ଷରୁ ସମସ୍ତ ବ୍ୟବସ୍ଥା କରାଯାଇଥିବା ବେଳେ ପୁଲିସ ମଧ୍ୟ ସତର୍କତା ଅବଲମ୍ବନ କରିଥିଲା। ଏହି ଅବସରରେ ଅନେକ ବିଶିଷ୍ଟ ବ୍ୟକ୍ତି ଉପସ୍ଥିତ ରହି ନିଜ ମତାମତ ରଖିଥିଲେ। ଶେଷରେ ଧନ୍ୟବାଦ ଅର୍ପଣ କରାଯାଇଥିଲା।
ବରଗଡ଼ ଜିଲ୍ଲାର ବିଭିନ୍ନ ସ୍ଥାନରେ ଶନିବାର ଦିନ ବିଭିନ୍ନ କାର୍ଯ୍ୟକ୍ରମ ଅନୁଷ୍ଠିତ ହୋଇଯାଇଛି। ଏହି ଅବସରରେ ମୁଖ୍ୟ ଅତିଥି ଭାବେ ଜିଲ୍ଲାପାଳ ଯୋଗଦେଇ ସମ୍ବୋଧିତ କରିଥିଲେ। କାର୍ଯ୍ୟକ୍ରମରେ ବହୁ ସଂଖ୍ୟାରେ ଲୋକେ ଯୋଗଦେଇଥିଲେ ଏବଂ ସଚେତନତା ସମ୍ପର୍କରେ ଆଲୋଚନା କରାଯାଇଥିଲା। ସ୍ଥାନୀୟ ପ୍ରଶାସନ ପକ୍ଷରୁ ସମସ୍ତ ବ୍ୟବସ୍ଥା କରାଯାଇଥିବା ବେଳେ ପୁଲିସ ମଧ୍ୟ ସତର୍କତା ଅବଲମ୍ବନ କରିଥିଲା। ଏହି ଅବସରରେ ଅନେକ ବିଶିଷ୍ଟ ବ୍ୟକ୍ତି ଉପସ୍ଥିତ ରହି ନିଜ ମତାମତ ରଖିଥିଲେ। ଶେଷରେ ଧନ୍ୟବାଦ ଅର୍ପଣ କରାଯାଇଥିଲା।
ରୋଗୀଙ୍କୁ ଖାଦ୍ୟ ସାମଗ୍ରୀ ବଣ୍ଟନ
ବରଗଡ଼ ଜିଲ୍ଲାର ବିଭିନ୍ନ ସ୍ଥାନରେ ଶନିବାର ଦିନ ବିଭିନ୍ନ କାର୍ଯ୍ୟକ୍ରମ ଅନୁଷ୍ଠିତ ହୋଇଯାଇଛି। ଏହି ଅବସରରେ ମୁଖ୍ୟ ଅତିଥି ଭାବେ ଜିଲ୍ଲାପାଳ ଯୋଗଦେଇ ସମ୍ବୋଧିତ କରିଥିଲେ। କାର୍ଯ୍ୟକ୍ରମରେ ବହୁ ସଂଖ୍ୟାରେ ଲୋକେ ଯୋଗଦେଇଥିଲେ ଏବଂ ସଚେତନତା ସମ୍ପର୍କରେ ଆଲୋଚନା କରାଯାଇଥିଲା। ସ୍ଥାନୀୟ ପ୍ରଶାସନ ପକ୍ଷରୁ ସମସ୍ତ ବ୍ୟବସ୍ଥା କରାଯାଇଥିବା ବେଳେ ପୁଲିସ ମଧ୍ୟ ସତର୍କତା ଅବଲମ୍ବନ କରିଥିଲା। ଏହି ଅବସରରେ ଅନେକ ବିଶିଷ୍ଟ ବ୍ୟକ୍ତି ଉପସ୍ଥିତ ରହି ନିଜ ମତାମତ ରଖିଥିଲେ। ଶେଷରେ ଧନ୍ୟବାଦ ଅର୍ପଣ କରାଯାଇଥିଲା।
ବରଗଡ଼ ଜିଲ୍ଲାର ବିଭିନ୍ନ ସ୍ଥାନରେ ଶନିବାର ଦିନ ବିଭିନ୍ନ କାର୍ଯ୍ୟକ୍ରମ ଅନୁଷ୍ଠିତ ହୋଇଯାଇଛି। ଏହି ଅବସରରେ ମୁଖ୍ୟ ଅତିଥି ଭାବେ ଜିଲ୍ଲାପାଳ ଯୋଗଦେଇ ସମ୍ବୋଧିତ କରିଥିଲେ। କାର୍ଯ୍ୟକ୍ରମରେ ବହୁ ସଂଖ୍ୟାରେ ଲୋକେ ଯୋଗଦେଇଥିଲେ ଏବଂ ସଚେତନତା ସମ୍ପର୍କରେ ଆଲୋଚନା କରାଯାଇଥିଲା। ସ୍ଥାନୀୟ ପ୍ରଶାସନ ପକ୍ଷରୁ ସମସ୍ତ ବ୍ୟବସ୍ଥା କରାଯାଇଥିବା ବେଳେ ପୁଲିସ ମଧ୍ୟ ସତର୍କତା ଅବଲମ୍ବନ କରିଥିଲା। ଏହି ଅବସରରେ ଅନେକ ବିଶିଷ୍ଟ ବ୍ୟକ୍ତି ଉପସ୍ଥିତ ରହି ନିଜ ମତାମତ ରଖିଥିଲେ। ଶେଷରେ ଧନ୍ୟବାଦ ଅର୍ପଣ କରାଯାଇଥିଲା।
ବରଗଡ଼ ଜିଲ୍ଲାର ବିଭିନ୍ନ ସ୍ଥାନରେ ଶନିବାର ଦିନ ବିଭିନ୍ନ କାର୍ଯ୍ୟକ୍ରମ ଅନୁଷ୍ଠିତ ହୋଇଯାଇଛି। ଏହି ଅବସରରେ ମୁଖ୍ୟ ଅତିଥି ଭାବେ ଜିଲ୍ଲାପାଳ ଯୋଗଦେଇ ସମ୍ବୋଧିତ କରିଥିଲେ। କାର୍ଯ୍ୟକ୍ରମରେ ବହୁ ସଂଖ୍ୟାରେ ଲୋକେ ଯୋଗଦେଇଥିଲେ ଏବଂ ସଚେତନତା ସମ୍ପର୍କରେ ଆଲୋଚନା କରାଯାଇଥିଲା। ସ୍ଥାନୀୟ ପ୍ରଶାସନ ପକ୍ଷରୁ ସମସ୍ତ ବ୍ୟବସ୍ଥା କରାଯାଇଥିବା ବେଳେ ପୁଲିସ ମଧ୍ୟ ସତର୍କତା ଅବଲମ୍ବନ କରିଥିଲା। ଏହି ଅବସରରେ ଅନେକ ବିଶିଷ୍ଟ ବ୍ୟକ୍ତି ଉପସ୍ଥିତ ରହି ନିଜ ମତାମତ ରଖିଥିଲେ। ଶେଷରେ ଧନ୍ୟବାଦ ଅର୍ପଣ କରାଯାଇଥିଲା।
ଆଦର୍ଶ ମୁକ୍ତ ପରିଷଦର ଗୋଷ୍ଠୀ ଗଠନ
ବରଗଡ଼ ଜିଲ୍ଲାର ବିଭିନ୍ନ ସ୍ଥାନରେ ଶନିବାର ଦିନ ବିଭିନ୍ନ କାର୍ଯ୍ୟକ୍ରମ ଅନୁଷ୍ଠିତ ହୋଇଯାଇଛି। ଏହି ଅବସରରେ ମୁଖ୍ୟ ଅତିଥି ଭାବେ ଜିଲ୍ଲାପାଳ ଯୋଗଦେଇ ସମ୍ବୋଧିତ କରିଥିଲେ। କାର୍ଯ୍ୟକ୍ରମରେ ବହୁ ସଂଖ୍ୟାରେ ଲୋକେ ଯୋଗଦେଇଥିଲେ ଏବଂ ସଚେତନତା ସମ୍ପର୍କରେ ଆଲୋଚନା କରାଯାଇଥିଲା। ସ୍ଥାନୀୟ ପ୍ରଶାସନ ପକ୍ଷରୁ ସମସ୍ତ ବ୍ୟବସ୍ଥା କରାଯାଇଥିବା ବେଳେ ପୁଲିସ ମଧ୍ୟ ସତର୍କତା ଅବଲମ୍ବନ କରିଥିଲା। ଏହି ଅବସରରେ ଅନେକ ବିଶିଷ୍ଟ ବ୍ୟକ୍ତି ଉପସ୍ଥିତ ରହି ନିଜ ମତାମତ ରଖିଥିଲେ। ଶେଷରେ ଧନ୍ୟବାଦ ଅର୍ପଣ କରାଯାଇଥିଲା।
